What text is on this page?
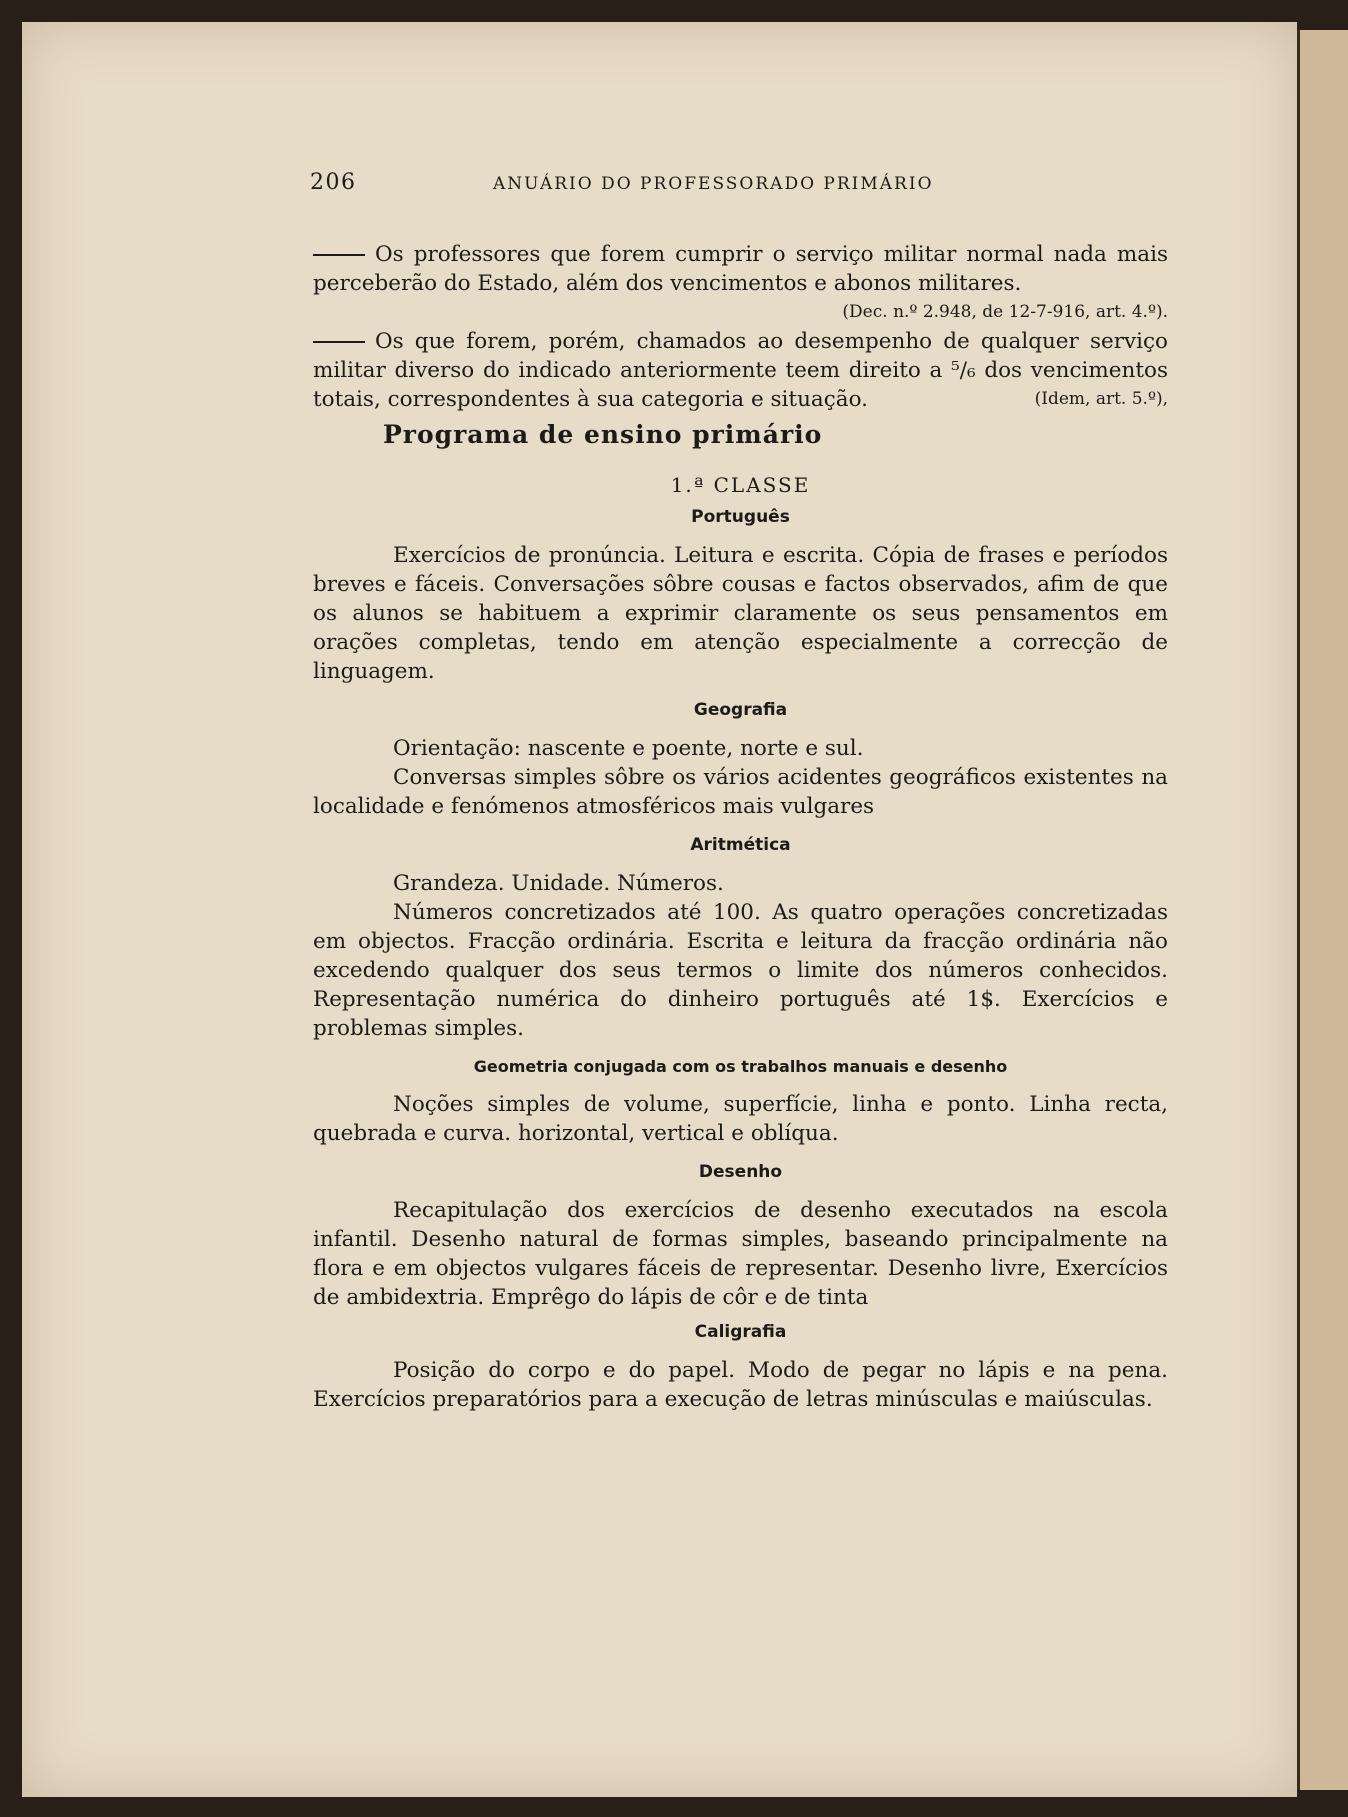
206	ANUÁRIO DO PROFESSORADO PRIMÁRIO

Os professores que forem cumprir o serviço militar normal nada mais perceberão do Estado, além dos vencimentos e abonos militares.
(Dec. n.º 2.948, de 12-7-916, art. 4.º).

Os que forem, porém, chamados ao desempenho de qualquer serviço militar diverso do indicado anteriormente teem direito a ⁵/₆ dos vencimentos totais, correspondentes à sua categoria e situação.	(Idem, art. 5.º),

Programa de ensino primário
1.ª CLASSE
Português

Exercícios de pronúncia. Leitura e escrita. Cópia de frases e períodos breves e fáceis. Conversações sôbre cousas e factos observados, afim de que os alunos se habituem a exprimir claramente os seus pensamentos em orações completas, tendo em atenção especialmente a correcção de linguagem.

Geografia

Orientação: nascente e poente, norte e sul.

Conversas simples sôbre os vários acidentes geográficos existentes na localidade e fenómenos atmosféricos mais vulgares

Aritmética

Grandeza. Unidade. Números.

Números concretizados até 100. As quatro operações concretizadas em objectos. Fracção ordinária. Escrita e leitura da fracção ordinária não excedendo qualquer dos seus termos o limite dos números conhecidos. Representação numérica do dinheiro português até 1$. Exercícios e problemas simples.

Geometria conjugada com os trabalhos manuais e desenho

Noções simples de volume, superfície, linha e ponto. Linha recta, quebrada e curva. horizontal, vertical e oblíqua.

Desenho

Recapitulação dos exercícios de desenho executados na escola infantil. Desenho natural de formas simples, baseando principalmente na flora e em objectos vulgares fáceis de representar. Desenho livre, Exercícios de ambidextria. Emprêgo do lápis de côr e de tinta

Caligrafia

Posição do corpo e do papel. Modo de pegar no lápis e na pena. Exercícios preparatórios para a execução de letras minúsculas e maiúsculas.
